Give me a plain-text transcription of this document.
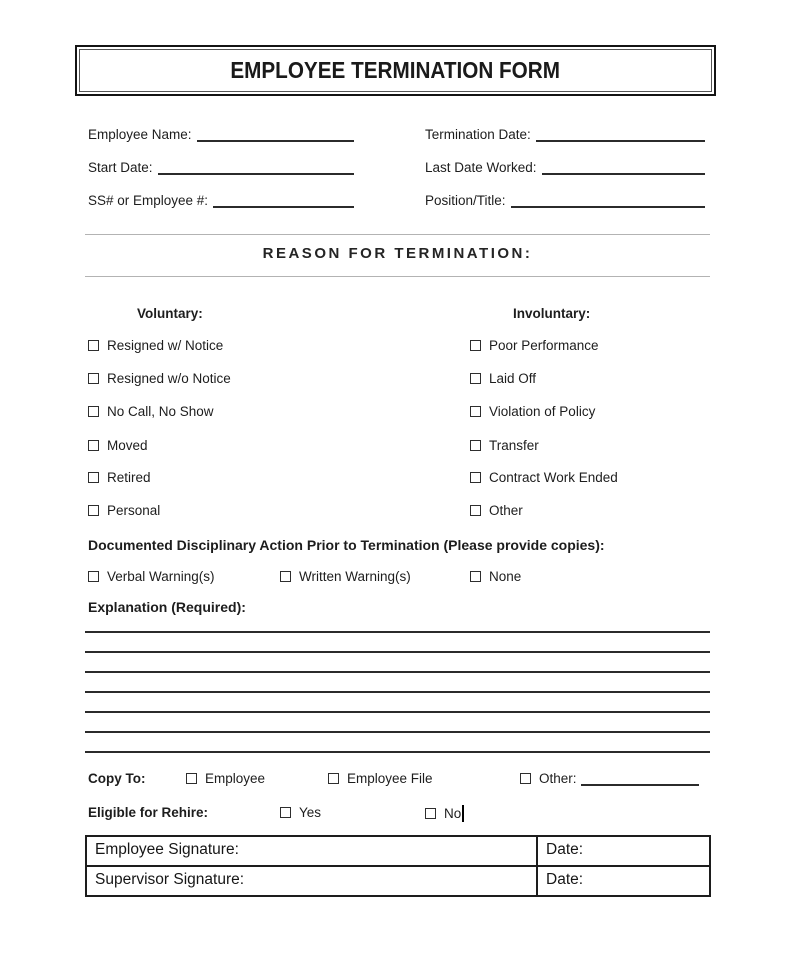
EMPLOYEE TERMINATION FORM
Employee Name:
Start Date:
SS# or Employee #:
Termination Date:
Last Date Worked:
Position/Title:
REASON FOR TERMINATION:
Voluntary:	Involuntary:
Resigned w/ Notice
Resigned w/o Notice
No Call, No Show
Moved
Retired
Personal
Poor Performance
Laid Off
Violation of Policy
Transfer
Contract Work Ended
Other
Documented Disciplinary Action Prior to Termination (Please provide copies):
Verbal Warning(s)	Written Warning(s)	None
Explanation (Required):
Copy To:	Employee	Employee File	Other:
Eligible for Rehire:	Yes	No
Employee Signature:	Date:
Supervisor Signature:	Date:
